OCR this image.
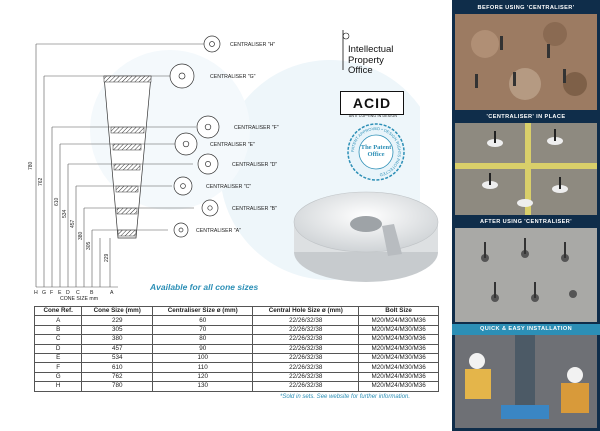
CENTRALISER "H"
CENTRALISER "G"
CENTRALISER "F"
CENTRALISER "E"
CENTRALISER "D"
CENTRALISER "C"
CENTRALISER "B"
CENTRALISER "A"
780
762
610
534
457
380
305
229
H G F E D C B	A
CONE SIZE mm
Intellectual
Property
Office
ACID
ANTI COPYING IN DESIGN
PATENT APPROVED • DESIGN RIGHTS PROTECTED
The Patent Office
Available for all cone sizes
Cone Ref.	Cone Size (mm)	Centraliser Size ø (mm)	Central Hole Size ø (mm)	Bolt Size
A	229	60	22/26/32/38	M20/M24/M30/M36
B	305	70	22/26/32/38	M20/M24/M30/M36
C	380	80	22/26/32/38	M20/M24/M30/M36
D	457	90	22/26/32/38	M20/M24/M30/M36
E	534	100	22/26/32/38	M20/M24/M30/M36
F	610	110	22/26/32/38	M20/M24/M30/M36
G	762	120	22/26/32/38	M20/M24/M30/M36
H	780	130	22/26/32/38	M20/M24/M30/M36
*Sold in sets. See website for further information.
BEFORE USING 'CENTRALISER'
'CENTRALISER' IN PLACE
AFTER USING 'CENTRALISER'
QUICK & EASY INSTALLATION
